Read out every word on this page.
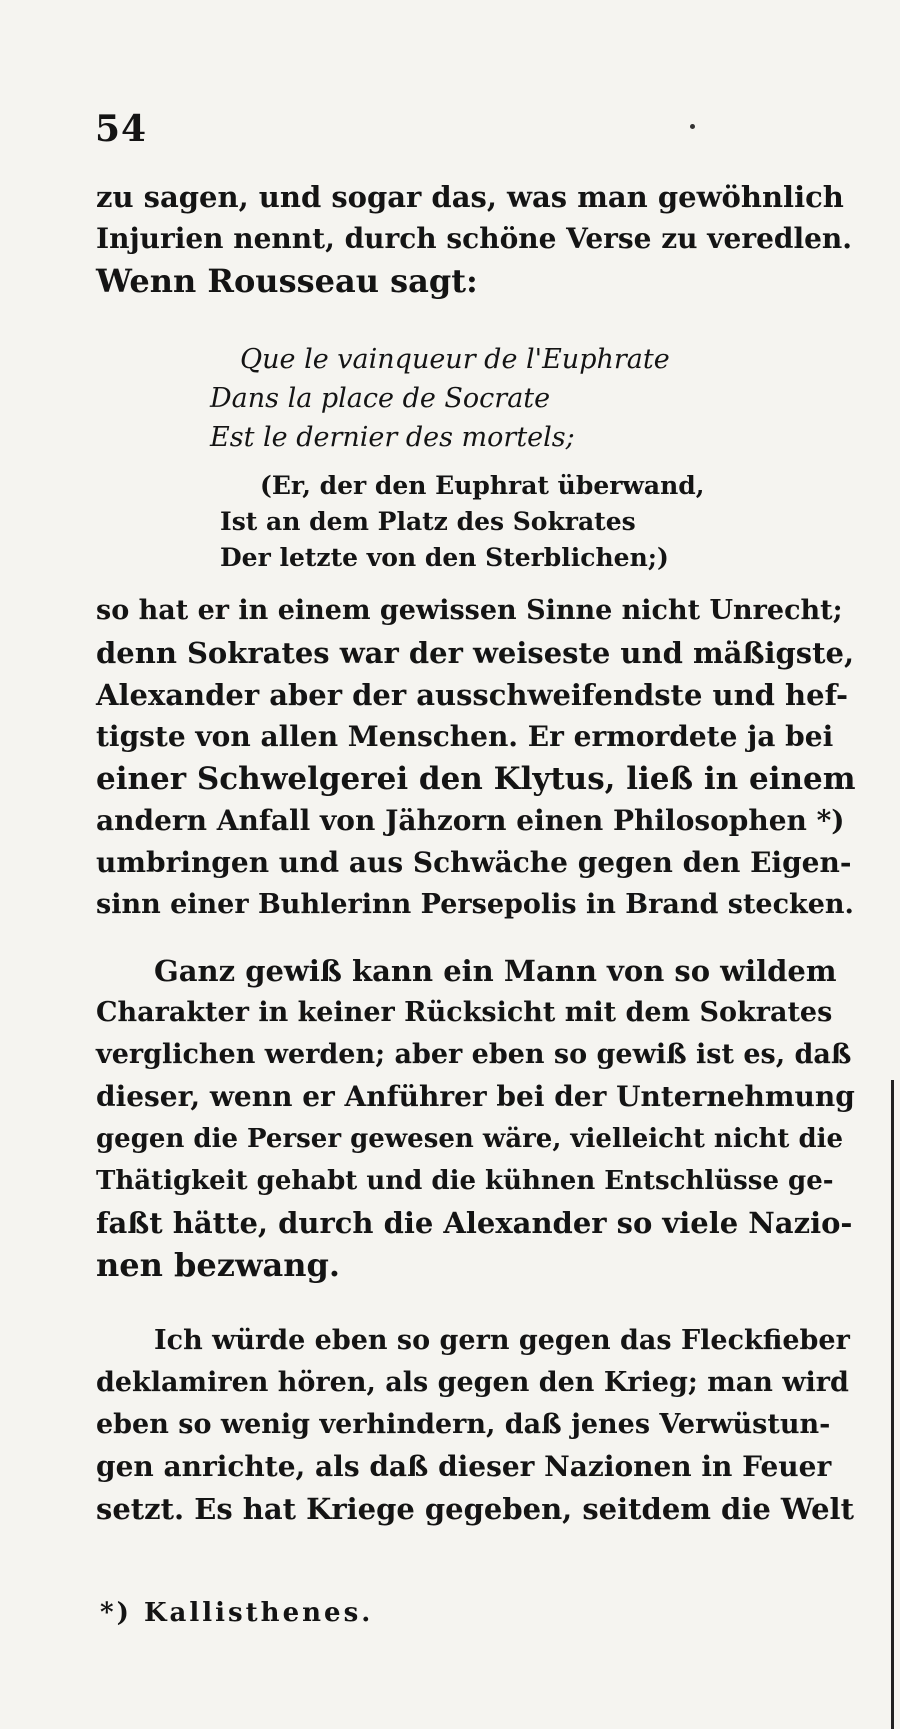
54
zu sagen, und sogar das, was man gewöhnlich
Injurien nennt, durch schöne Verse zu veredlen.
Wenn Rousseau sagt:
Que le vainqueur de l'Euphrate
Dans la place de Socrate
Est le dernier des mortels;
(Er, der den Euphrat überwand,
Ist an dem Platz des Sokrates
Der letzte von den Sterblichen;)
so hat er in einem gewissen Sinne nicht Unrecht;
denn Sokrates war der weiseste und mäßigste,
Alexander aber der ausschweifendste und hef-
tigste von allen Menschen. Er ermordete ja bei
einer Schwelgerei den Klytus, ließ in einem
andern Anfall von Jähzorn einen Philosophen *)
umbringen und aus Schwäche gegen den Eigen-
sinn einer Buhlerinn Persepolis in Brand stecken.
Ganz gewiß kann ein Mann von so wildem
Charakter in keiner Rücksicht mit dem Sokrates
verglichen werden; aber eben so gewiß ist es, daß
dieser, wenn er Anführer bei der Unternehmung
gegen die Perser gewesen wäre, vielleicht nicht die
Thätigkeit gehabt und die kühnen Entschlüsse ge-
faßt hätte, durch die Alexander so viele Nazio-
nen bezwang.
Ich würde eben so gern gegen das Fleckfieber
deklamiren hören, als gegen den Krieg; man wird
eben so wenig verhindern, daß jenes Verwüstun-
gen anrichte, als daß dieser Nazionen in Feuer
setzt. Es hat Kriege gegeben, seitdem die Welt
*) Kallisthenes.
